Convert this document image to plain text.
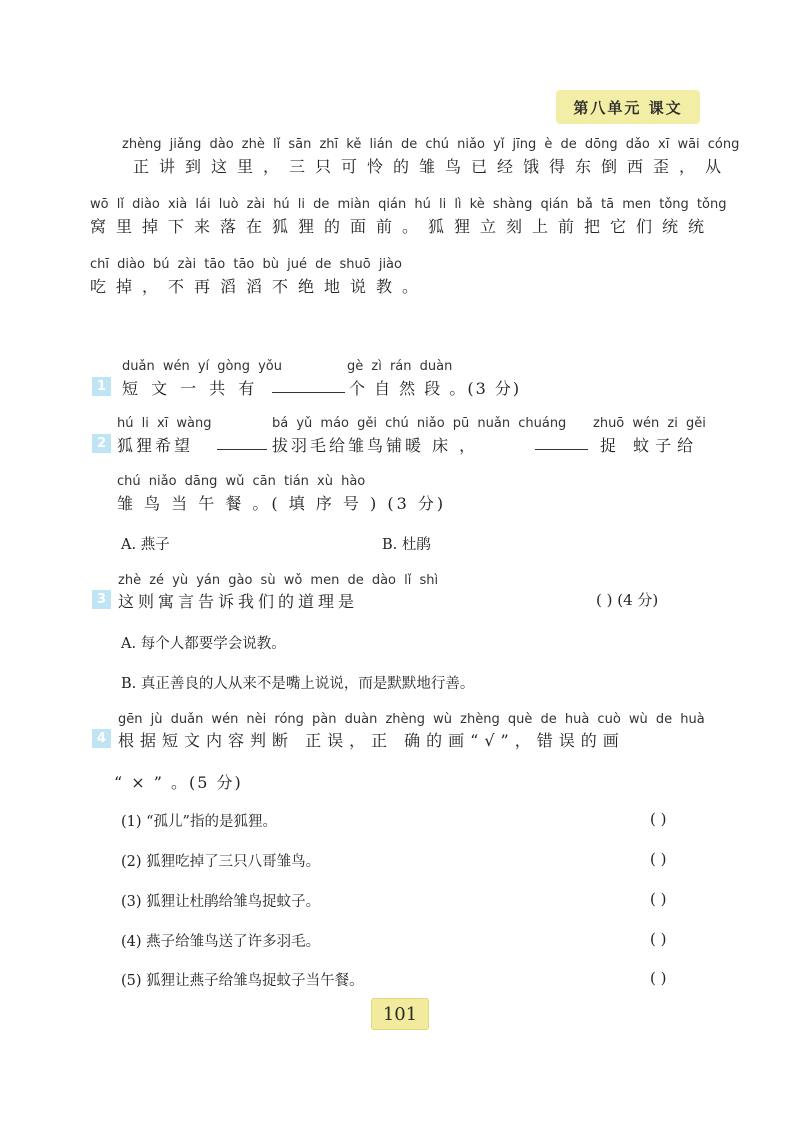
第八单元 课文
zhèng jiǎng dào zhè lǐ sān zhī kě lián de chú niǎo yǐ jīng è de dōng dǎo xī wāi cóng
正讲到这里，三只可怜的雏鸟已经饿得东倒西歪，从
wō lǐ diào xià lái luò zài hú li de miàn qián hú li lì kè shàng qián bǎ tā men tǒng tǒng
窝里掉下来落在狐狸的面前。狐狸立刻上前把它们统统
chī diào bú zài tāo tāo bù jué de shuō jiào
吃掉，不再滔滔不绝地说教。
1
duǎn wén yí gòng yǒu	gè zì rán duàn
短 文 一 共 有	个 自 然 段 。(3 分)
2
hú li xī wàng	bá yǔ máo gěi chú niǎo pū nuǎn chuáng zhuō wén zi gěi
狐狸希望	拔羽毛给雏鸟铺暖 床 ，	捉 蚊子给
chú niǎo dāng wǔ cān tián xù hào
雏 鸟 当 午 餐 。( 填 序 号 ) (3 分)
A. 燕子	B. 杜鹃
3
zhè zé yù yán gào sù wǒ men de dào lǐ shì
这则寓言告诉我们的道理是	( ) (4 分)
A. 每个人都要学会说教。
B. 真正善良的人从来不是嘴上说说，而是默默地行善。
4
gēn jù duǎn wén nèi róng pàn duàn zhèng wù zhèng què de huà cuò wù de huà
根据短文内容判断 正误，正 确的画“√”，错误的画
“ × ” 。(5 分)
(1) “孤儿”指的是狐狸。	( )
(2) 狐狸吃掉了三只八哥雏鸟。	( )
(3) 狐狸让杜鹃给雏鸟捉蚊子。	( )
(4) 燕子给雏鸟送了许多羽毛。	( )
(5) 狐狸让燕子给雏鸟捉蚊子当午餐。	( )
101
